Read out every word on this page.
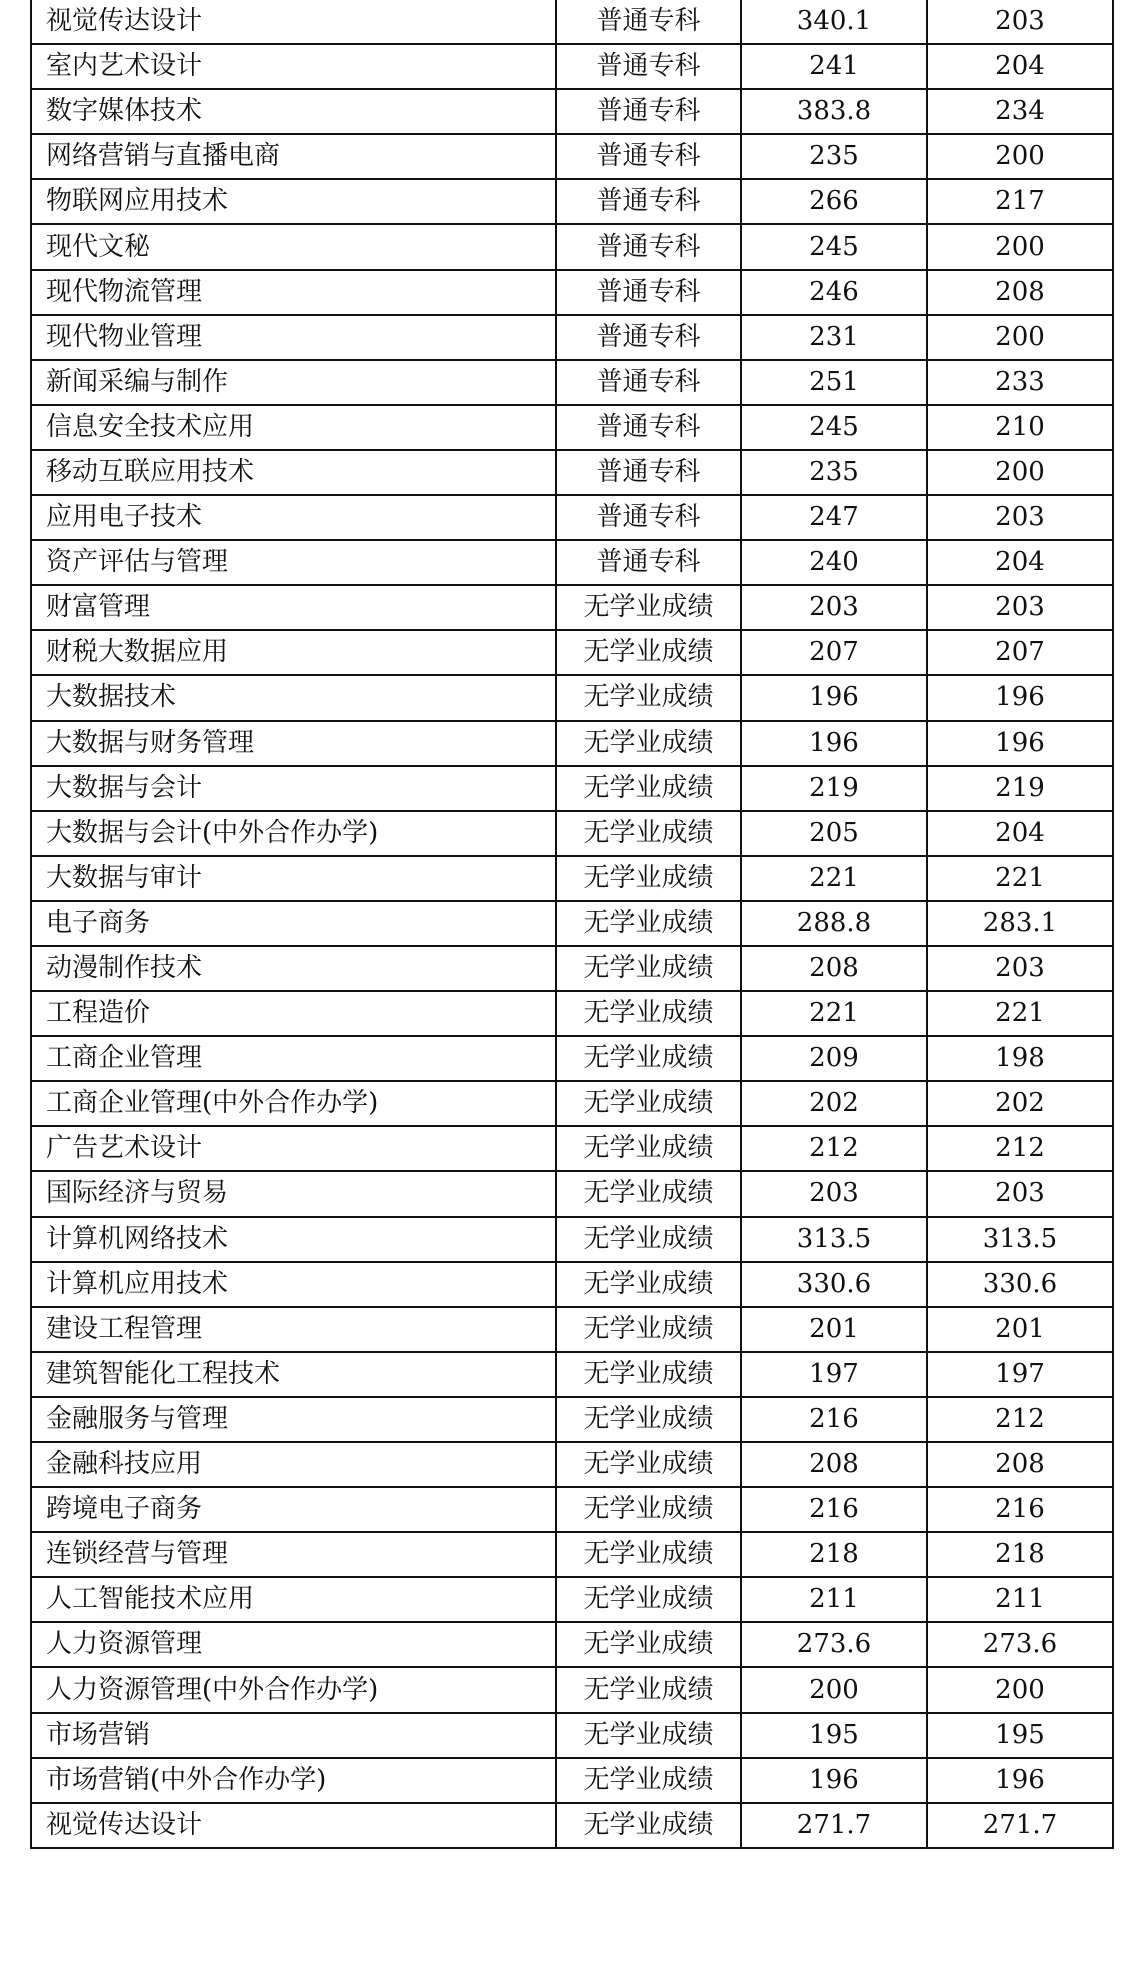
视觉传达设计	普通专科	340.1	203
室内艺术设计	普通专科	241	204
数字媒体技术	普通专科	383.8	234
网络营销与直播电商	普通专科	235	200
物联网应用技术	普通专科	266	217
现代文秘	普通专科	245	200
现代物流管理	普通专科	246	208
现代物业管理	普通专科	231	200
新闻采编与制作	普通专科	251	233
信息安全技术应用	普通专科	245	210
移动互联应用技术	普通专科	235	200
应用电子技术	普通专科	247	203
资产评估与管理	普通专科	240	204
财富管理	无学业成绩	203	203
财税大数据应用	无学业成绩	207	207
大数据技术	无学业成绩	196	196
大数据与财务管理	无学业成绩	196	196
大数据与会计	无学业成绩	219	219
大数据与会计(中外合作办学)	无学业成绩	205	204
大数据与审计	无学业成绩	221	221
电子商务	无学业成绩	288.8	283.1
动漫制作技术	无学业成绩	208	203
工程造价	无学业成绩	221	221
工商企业管理	无学业成绩	209	198
工商企业管理(中外合作办学)	无学业成绩	202	202
广告艺术设计	无学业成绩	212	212
国际经济与贸易	无学业成绩	203	203
计算机网络技术	无学业成绩	313.5	313.5
计算机应用技术	无学业成绩	330.6	330.6
建设工程管理	无学业成绩	201	201
建筑智能化工程技术	无学业成绩	197	197
金融服务与管理	无学业成绩	216	212
金融科技应用	无学业成绩	208	208
跨境电子商务	无学业成绩	216	216
连锁经营与管理	无学业成绩	218	218
人工智能技术应用	无学业成绩	211	211
人力资源管理	无学业成绩	273.6	273.6
人力资源管理(中外合作办学)	无学业成绩	200	200
市场营销	无学业成绩	195	195
市场营销(中外合作办学)	无学业成绩	196	196
视觉传达设计	无学业成绩	271.7	271.7
